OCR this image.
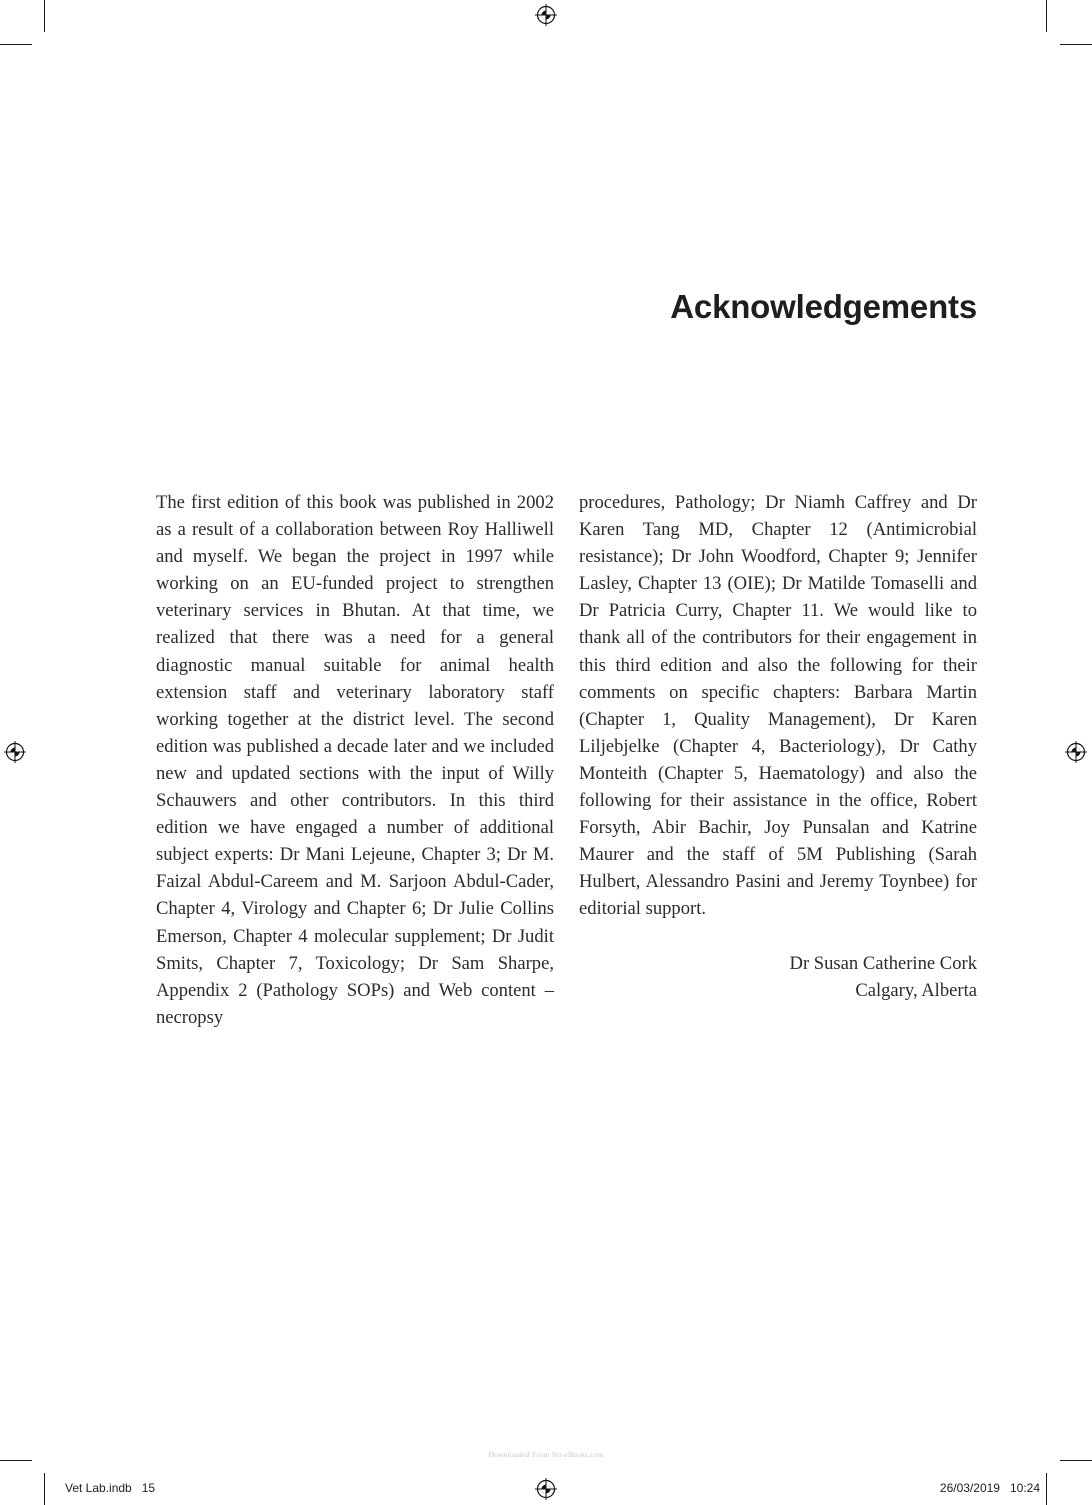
Acknowledgements

The first edition of this book was published in 2002 as a result of a collaboration between Roy Halliwell and myself. We began the project in 1997 while working on an EU-funded project to strengthen veterinary services in Bhutan. At that time, we realized that there was a need for a general diagnostic manual suitable for animal health extension staff and veterinary laboratory staff working together at the district level. The second edition was published a decade later and we included new and updated sections with the input of Willy Schauwers and other contributors. In this third edition we have engaged a number of additional subject experts: Dr Mani Lejeune, Chapter 3; Dr M. Faizal Abdul-Careem and M. Sarjoon Abdul-Cader, Chapter 4, Virology and Chapter 6; Dr Julie Collins Emerson, Chapter 4 molecular supplement; Dr Judit Smits, Chapter 7, Toxicology; Dr Sam Sharpe, Appendix 2 (Pathology SOPs) and Web content – necropsy

procedures, Pathology; Dr Niamh Caffrey and Dr Karen Tang MD, Chapter 12 (Antimicrobial resistance); Dr John Woodford, Chapter 9; Jennifer Lasley, Chapter 13 (OIE); Dr Matilde Tomaselli and Dr Patricia Curry, Chapter 11. We would like to thank all of the contributors for their engagement in this third edition and also the following for their comments on specific chapters: Barbara Martin (Chapter 1, Quality Management), Dr Karen Liljebjelke (Chapter 4, Bacteriology), Dr Cathy Monteith (Chapter 5, Haematology) and also the following for their assistance in the office, Robert Forsyth, Abir Bachir, Joy Punsalan and Katrine Maurer and the staff of 5M Publishing (Sarah Hulbert, Alessandro Pasini and Jeremy Toynbee) for editorial support.

Dr Susan Catherine Cork
Calgary, Alberta
Downloaded From Vet-eBooks.com
Vet Lab.indb   15	26/03/2019   10:24
